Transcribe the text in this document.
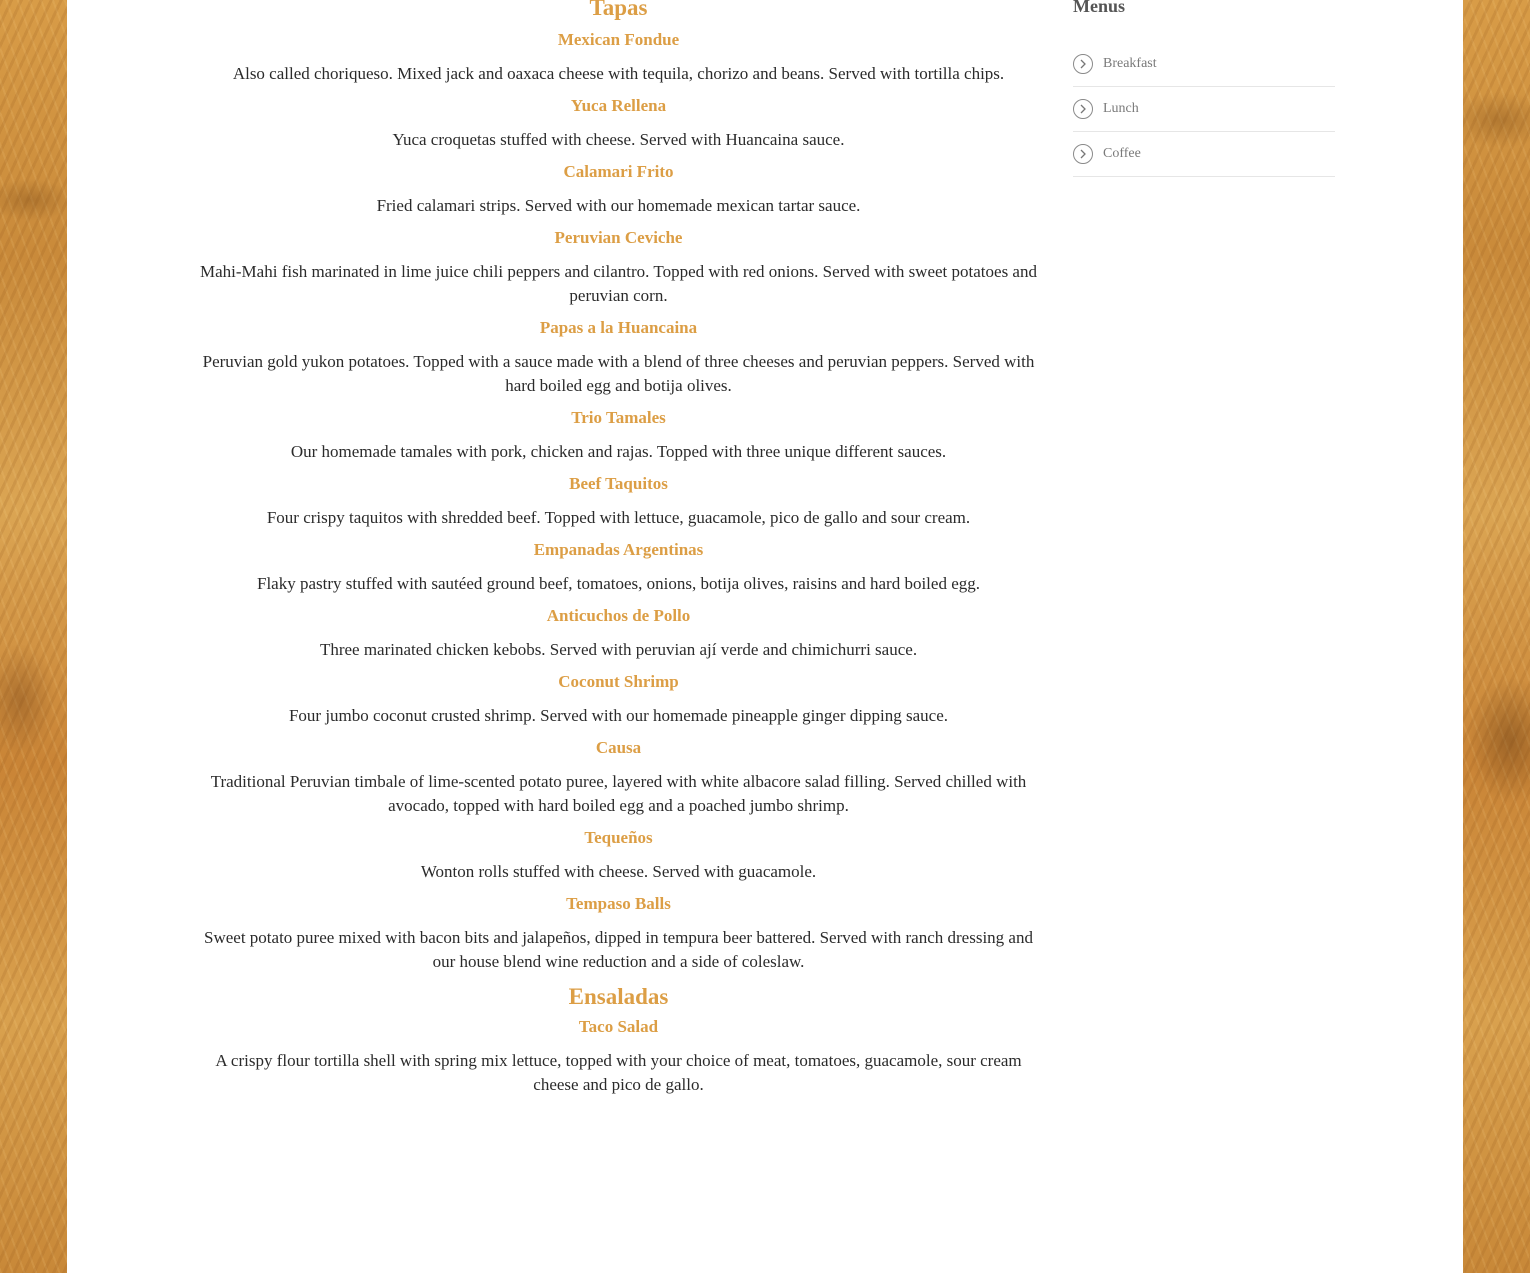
Tapas
Mexican Fondue

Also called choriqueso. Mixed jack and oaxaca cheese with tequila, chorizo and beans. Served with tortilla chips.

Yuca Rellena

Yuca croquetas stuffed with cheese. Served with Huancaina sauce.

Calamari Frito

Fried calamari strips. Served with our homemade mexican tartar sauce.

Peruvian Ceviche

Mahi-Mahi fish marinated in lime juice chili peppers and cilantro. Topped with red onions. Served with sweet potatoes and peruvian corn.

Papas a la Huancaina

Peruvian gold yukon potatoes. Topped with a sauce made with a blend of three cheeses and peruvian peppers. Served with hard boiled egg and botija olives.

Trio Tamales

Our homemade tamales with pork, chicken and rajas. Topped with three unique different sauces.

Beef Taquitos

Four crispy taquitos with shredded beef. Topped with lettuce, guacamole, pico de gallo and sour cream.

Empanadas Argentinas

Flaky pastry stuffed with sautéed ground beef, tomatoes, onions, botija olives, raisins and hard boiled egg.

Anticuchos de Pollo

Three marinated chicken kebobs. Served with peruvian ají verde and chimichurri sauce.

Coconut Shrimp

Four jumbo coconut crusted shrimp. Served with our homemade pineapple ginger dipping sauce.

Causa

Traditional Peruvian timbale of lime-scented potato puree, layered with white albacore salad filling. Served chilled with avocado, topped with hard boiled egg and a poached jumbo shrimp.

Tequeños

Wonton rolls stuffed with cheese. Served with guacamole.

Tempaso Balls

Sweet potato puree mixed with bacon bits and jalapeños, dipped in tempura beer battered. Served with ranch dressing and our house blend wine reduction and a side of coleslaw.

Ensaladas
Taco Salad

A crispy flour tortilla shell with spring mix lettuce, topped with your choice of meat, tomatoes, guacamole, sour cream cheese and pico de gallo.

Menus
Breakfast
Lunch
Coffee
